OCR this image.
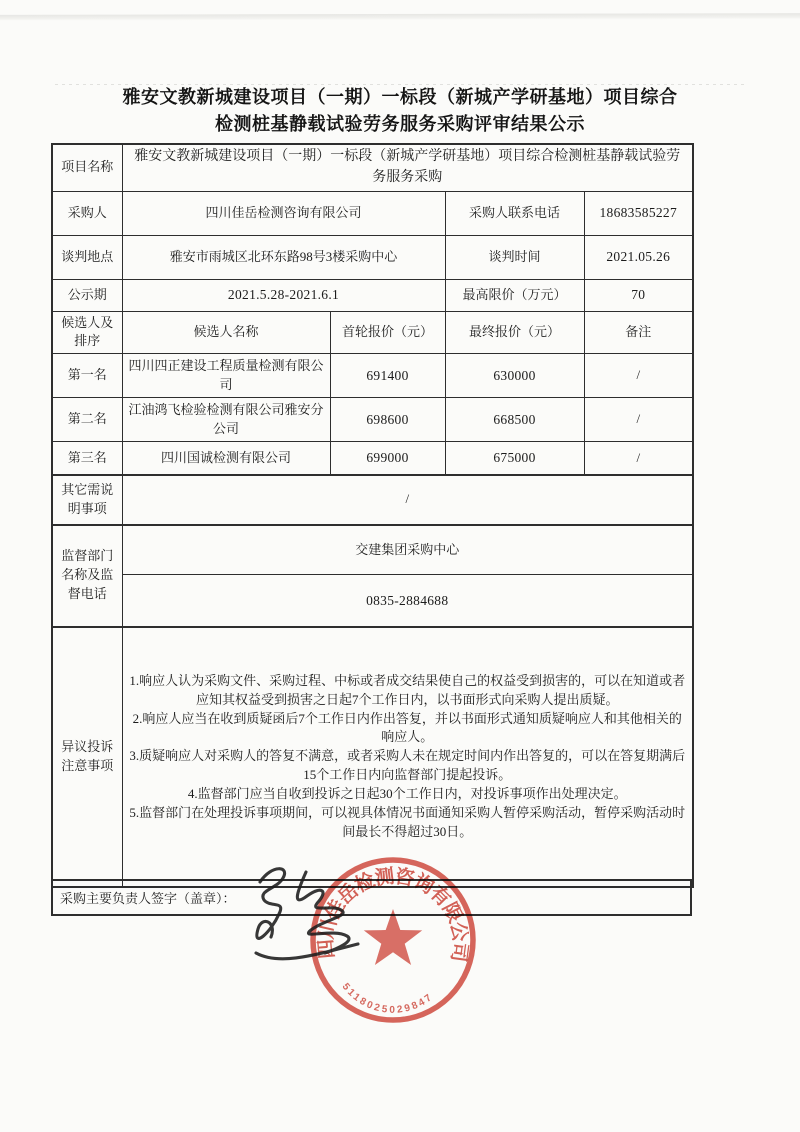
雅安文教新城建设项目（一期）一标段（新城产学研基地）项目综合
检测桩基静载试验劳务服务采购评审结果公示
项目名称	雅安文教新城建设项目（一期）一标段（新城产学研基地）项目综合检测桩基静载试验劳务服务采购			
采购人	四川佳岳检测咨询有限公司		采购人联系电话	18683585227
谈判地点	雅安市雨城区北环东路98号3楼采购中心		谈判时间	2021.05.26
公示期	2021.5.28-2021.6.1		最高限价（万元）	70
候选人及排序	候选人名称	首轮报价（元）	最终报价（元）	备注
第一名	四川四正建设工程质量检测有限公司	691400	630000	/
第二名	江油鸿飞检验检测有限公司雅安分公司	698600	668500	/
第三名	四川国诚检测有限公司	699000	675000	/
其它需说明事项	/			
监督部门名称及监督电话	交建集团采购中心			
	0835-2884688			
异议投诉注意事项	1.响应人认为采购文件、采购过程、中标或者成交结果使自己的权益受到损害的，可以在知道或者应知其权益受到损害之日起7个工作日内，以书面形式向采购人提出质疑。

2.响应人应当在收到质疑函后7个工作日内作出答复，并以书面形式通知质疑响应人和其他相关的响应人。

3.质疑响应人对采购人的答复不满意，或者采购人未在规定时间内作出答复的，可以在答复期满后15个工作日内向监督部门提起投诉。

4.监督部门应当自收到投诉之日起30个工作日内，对投诉事项作出处理决定。

5.监督部门在处理投诉事项期间，可以视具体情况书面通知采购人暂停采购活动，暂停采购活动时间最长不得超过30日。			

采购主要负责人签字（盖章）：
四川佳岳检测咨询有限公司
5118025029847
